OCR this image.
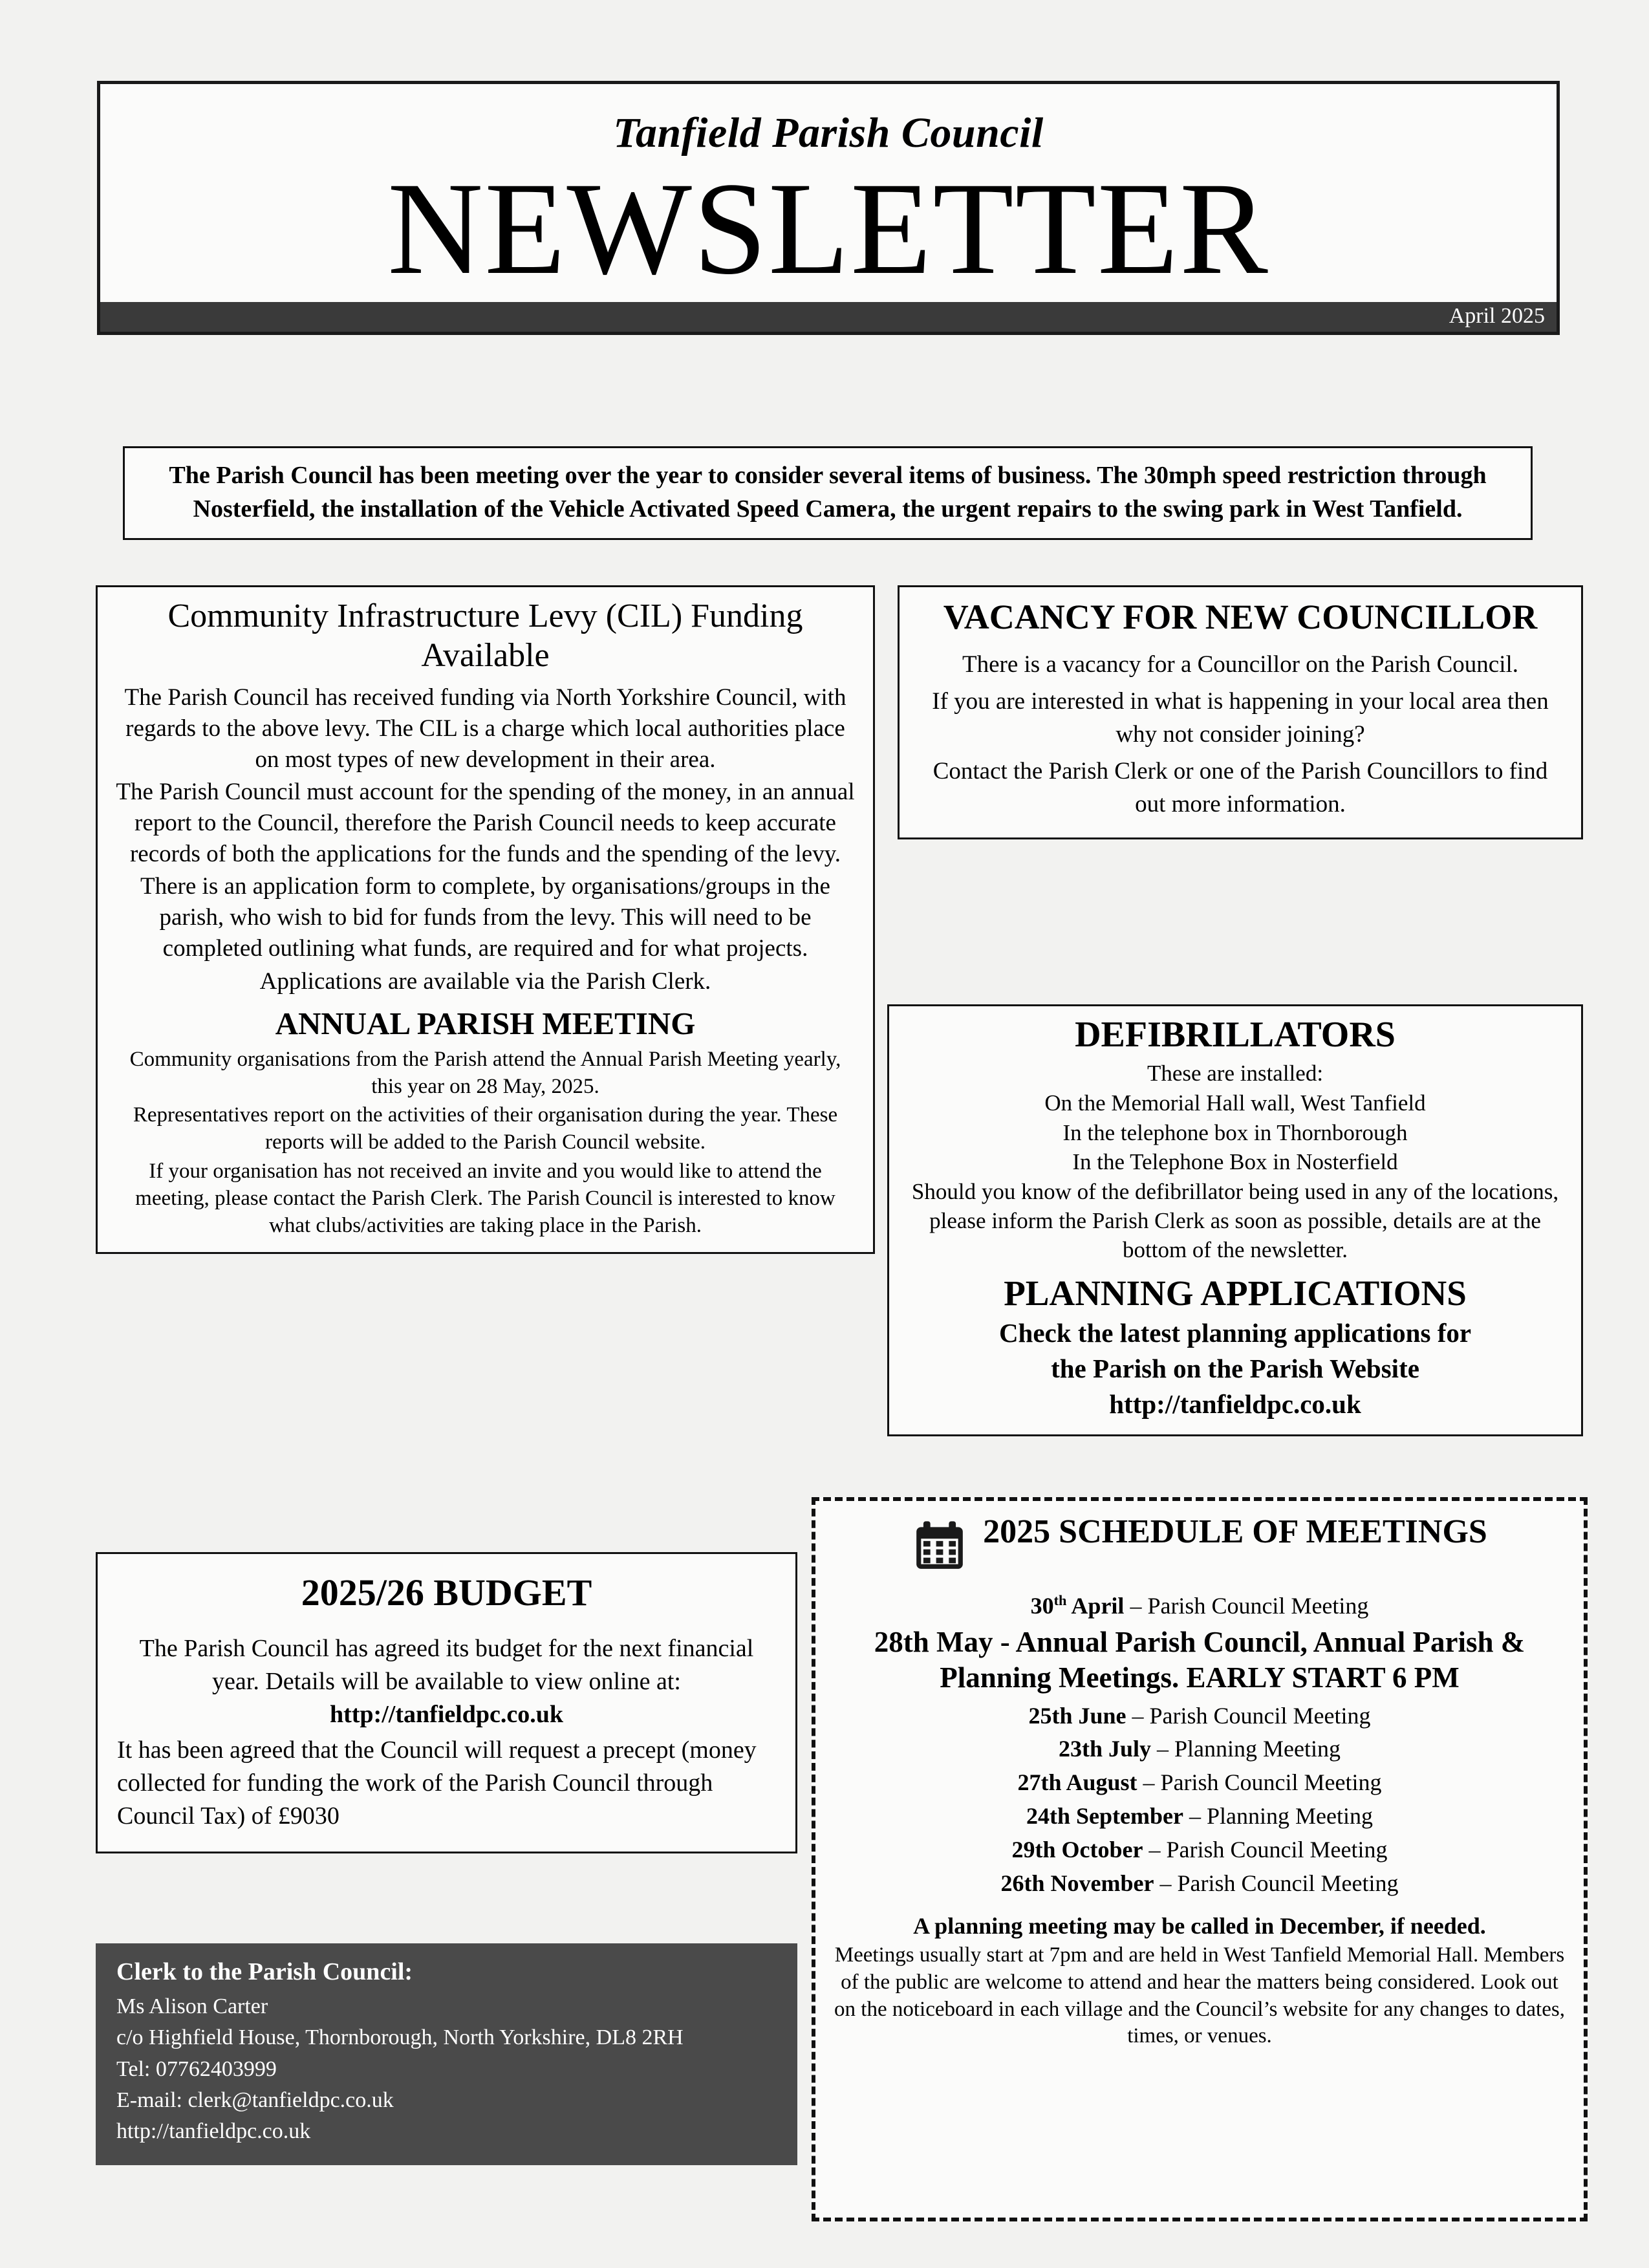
Tanfield Parish Council
NEWSLETTER
April 2025
The Parish Council has been meeting over the year to consider several items of business. The 30mph speed restriction through Nosterfield, the installation of the Vehicle Activated Speed Camera, the urgent repairs to the swing park in West Tanfield.
Community Infrastructure Levy (CIL) Funding Available

The Parish Council has received funding via North Yorkshire Council, with regards to the above levy. The CIL is a charge which local authorities place on most types of new development in their area.

The Parish Council must account for the spending of the money, in an annual report to the Council, therefore the Parish Council needs to keep accurate records of both the applications for the funds and the spending of the levy.

There is an application form to complete, by organisations/groups in the parish, who wish to bid for funds from the levy. This will need to be completed outlining what funds, are required and for what projects.

Applications are available via the Parish Clerk.

ANNUAL PARISH MEETING

Community organisations from the Parish attend the Annual Parish Meeting yearly, this year on 28 May, 2025.

Representatives report on the activities of their organisation during the year. These reports will be added to the Parish Council website.

If your organisation has not received an invite and you would like to attend the meeting, please contact the Parish Clerk. The Parish Council is interested to know what clubs/activities are taking place in the Parish.

VACANCY FOR NEW COUNCILLOR

There is a vacancy for a Councillor on the Parish Council.

If you are interested in what is happening in your local area then why not consider joining?

Contact the Parish Clerk or one of the Parish Councillors to find out more information.

DEFIBRILLATORS

These are installed:

On the Memorial Hall wall, West Tanfield

In the telephone box in Thornborough

In the Telephone Box in Nosterfield

Should you know of the defibrillator being used in any of the locations, please inform the Parish Clerk as soon as possible, details are at the bottom of the newsletter.

PLANNING APPLICATIONS

Check the latest planning applications for

the Parish on the Parish Website

http://tanfieldpc.co.uk

2025/26 BUDGET

The Parish Council has agreed its budget for the next financial year. Details will be available to view online at: http://tanfieldpc.co.uk

It has been agreed that the Council will request a precept (money collected for funding the work of the Parish Council through Council Tax) of £9030

Clerk to the Parish Council:
Ms Alison Carter
c/o Highfield House, Thornborough, North Yorkshire, DL8 2RH
Tel: 07762403999
E-mail: clerk@tanfieldpc.co.uk
http://tanfieldpc.co.uk
2025 SCHEDULE OF MEETINGS

30th April – Parish Council Meeting

28th May - Annual Parish Council, Annual Parish & Planning Meetings. EARLY START 6 PM

25th June – Parish Council Meeting

23th July – Planning Meeting

27th August – Parish Council Meeting

24th September – Planning Meeting

29th October – Parish Council Meeting

26th November – Parish Council Meeting

A planning meeting may be called in December, if needed.

Meetings usually start at 7pm and are held in West Tanfield Memorial Hall. Members of the public are welcome to attend and hear the matters being considered. Look out on the noticeboard in each village and the Council’s website for any changes to dates, times, or venues.
